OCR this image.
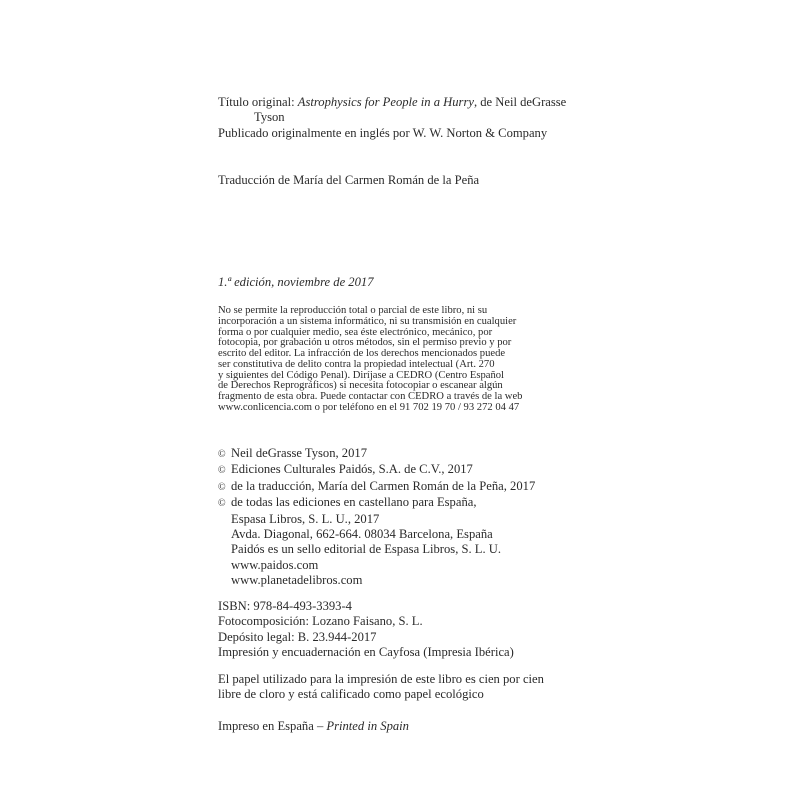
Título original: Astrophysics for People in a Hurry, de Neil deGrasse
Tyson
Publicado originalmente en inglés por W. W. Norton & Company
Traducción de María del Carmen Román de la Peña
1.ª edición, noviembre de 2017
No se permite la reproducción total o parcial de este libro, ni su
incorporación a un sistema informático, ni su transmisión en cualquier
forma o por cualquier medio, sea éste electrónico, mecánico, por
fotocopia, por grabación u otros métodos, sin el permiso previo y por
escrito del editor. La infracción de los derechos mencionados puede
ser constitutiva de delito contra la propiedad intelectual (Art. 270
y siguientes del Código Penal). Diríjase a CEDRO (Centro Español
de Derechos Reprográficos) si necesita fotocopiar o escanear algún
fragmento de esta obra. Puede contactar con CEDRO a través de la web
www.conlicencia.com o por teléfono en el 91 702 19 70 / 93 272 04 47
© Neil deGrasse Tyson, 2017
© Ediciones Culturales Paidós, S.A. de C.V., 2017
© de la traducción, María del Carmen Román de la Peña, 2017
© de todas las ediciones en castellano para España,
Espasa Libros, S. L. U., 2017
Avda. Diagonal, 662-664. 08034 Barcelona, España
Paidós es un sello editorial de Espasa Libros, S. L. U.
www.paidos.com
www.planetadelibros.com
ISBN: 978-84-493-3393-4
Fotocomposición: Lozano Faisano, S. L.
Depósito legal: B. 23.944-2017
Impresión y encuadernación en Cayfosa (Impresia Ibérica)
El papel utilizado para la impresión de este libro es cien por cien
libre de cloro y está calificado como papel ecológico
Impreso en España – Printed in Spain
